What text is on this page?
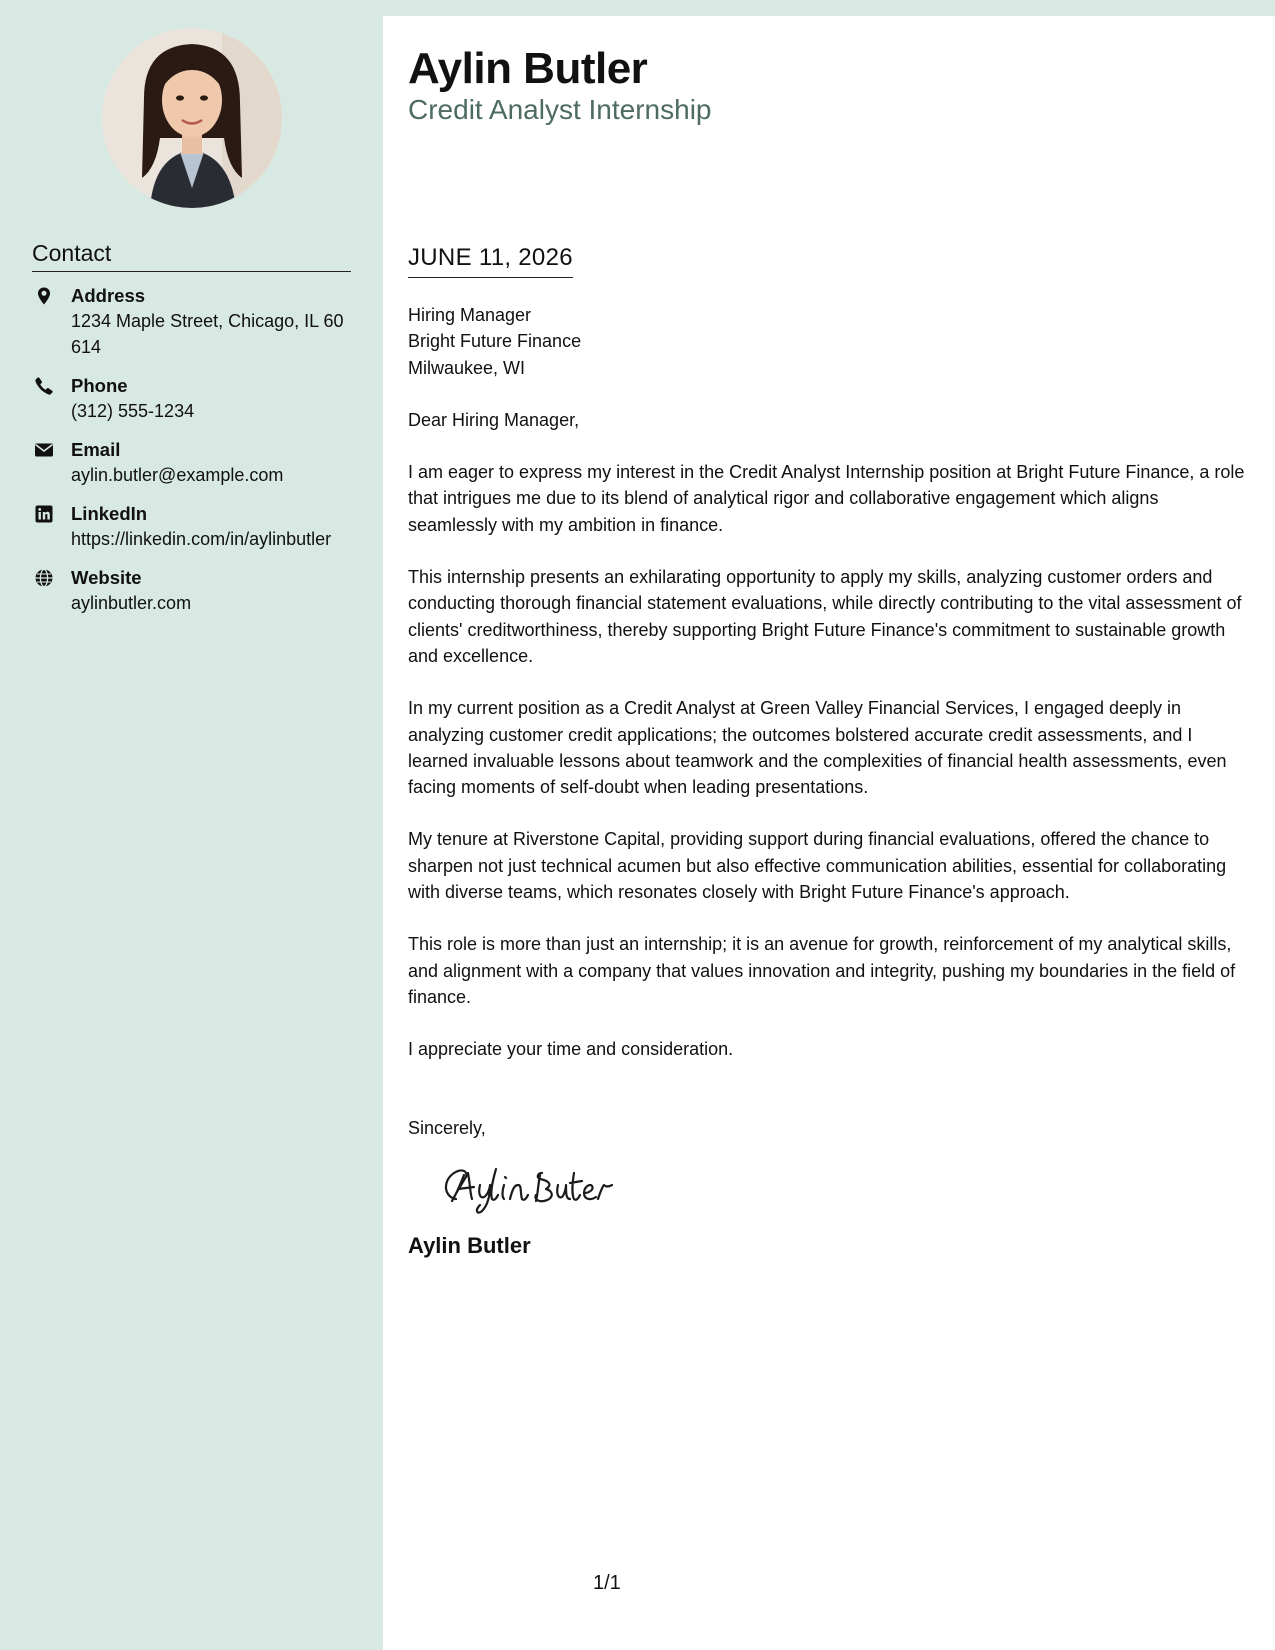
Contact
Address
1234 Maple Street, Chicago, IL 60614
Phone
(312) 555-1234
Email
aylin.butler@example.com
LinkedIn
https://linkedin.com/in/aylinbutler
Website
aylinbutler.com
Aylin Butler
Credit Analyst Internship
JUNE 11, 2026

Hiring Manager

Bright Future Finance

Milwaukee, WI

Dear Hiring Manager,

I am eager to express my interest in the Credit Analyst Internship position at Bright Future Finance, a role that intrigues me due to its blend of analytical rigor and collaborative engagement which aligns seamlessly with my ambition in finance.

This internship presents an exhilarating opportunity to apply my skills, analyzing customer orders and conducting thorough financial statement evaluations, while directly contributing to the vital assessment of clients' creditworthiness, thereby supporting Bright Future Finance's commitment to sustainable growth and excellence.

In my current position as a Credit Analyst at Green Valley Financial Services, I engaged deeply in analyzing customer credit applications; the outcomes bolstered accurate credit assessments, and I learned invaluable lessons about teamwork and the complexities of financial health assessments, even facing moments of self-doubt when leading presentations.

My tenure at Riverstone Capital, providing support during financial evaluations, offered the chance to sharpen not just technical acumen but also effective communication abilities, essential for collaborating with diverse teams, which resonates closely with Bright Future Finance's approach.

This role is more than just an internship; it is an avenue for growth, reinforcement of my analytical skills, and alignment with a company that values innovation and integrity, pushing my boundaries in the field of finance.

I appreciate your time and consideration.

Sincerely,

Aylin Butler
1/1
